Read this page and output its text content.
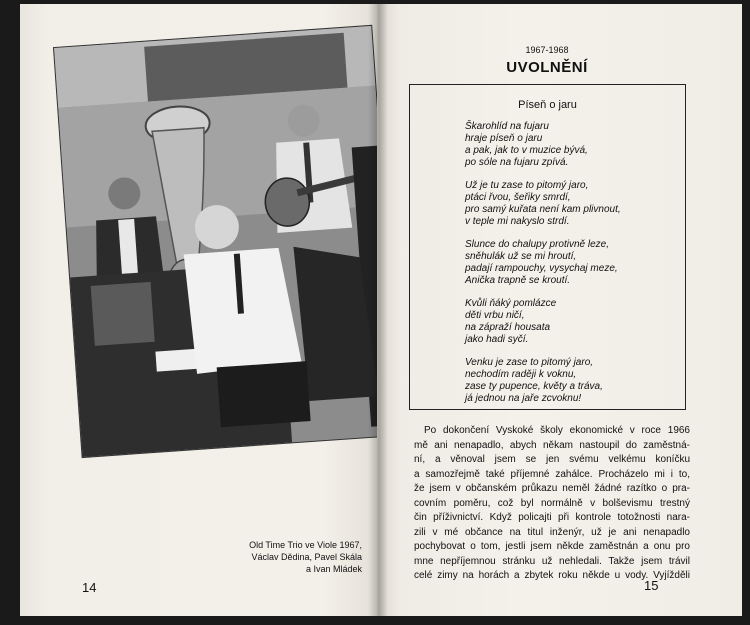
Old Time Trio ve Viole 1967,
Václav Dědina, Pavel Skála
a Ivan Mládek
14
1967-1968
UVOLNĚNÍ
Píseň o jaru
Škarohlíd na fujaru
hraje píseň o jaru
a pak, jak to v muzice bývá,
po sóle na fujaru zpívá.
Už je tu zase to pitomý jaro,
ptáci řvou, šeřiky smrdí,
pro samý kuřata není kam plivnout,
v teple mi nakyslo strdí.
Slunce do chalupy protivně leze,
sněhulák už se mi hroutí,
padají rampouchy, vysychaj meze,
Anička trapně se kroutí.
Kvůli ňáký pomlázce
děti vrbu ničí,
na zápraží housata
jako hadi syčí.
Venku je zase to pitomý jaro,
nechodím raději k voknu,
zase ty pupence, květy a tráva,
já jednou na jaře zcvoknu!
Po dokončení Vyskoké školy ekonomické v roce 1966
mě ani nenapadlo, abych někam nastoupil do zaměstná-
ní, a věnoval jsem se jen svému velkému koníčku
a samozřejmě také příjemné zahálce. Procházelo mi i to,
že jsem v občanském průkazu neměl žádné razítko o pra-
covním poměru, což byl normálně v bolševismu trestný
čin příživnictví. Když policajti při kontrole totožnosti nara-
zili v mé občance na titul inženýr, už je ani nenapadlo
pochybovat o tom, jestli jsem někde zaměstnán a onu pro
mne nepříjemnou stránku už nehledali. Takže jsem trávil
celé zimy na horách a zbytek roku někde u vody. Vyjížděli
15
